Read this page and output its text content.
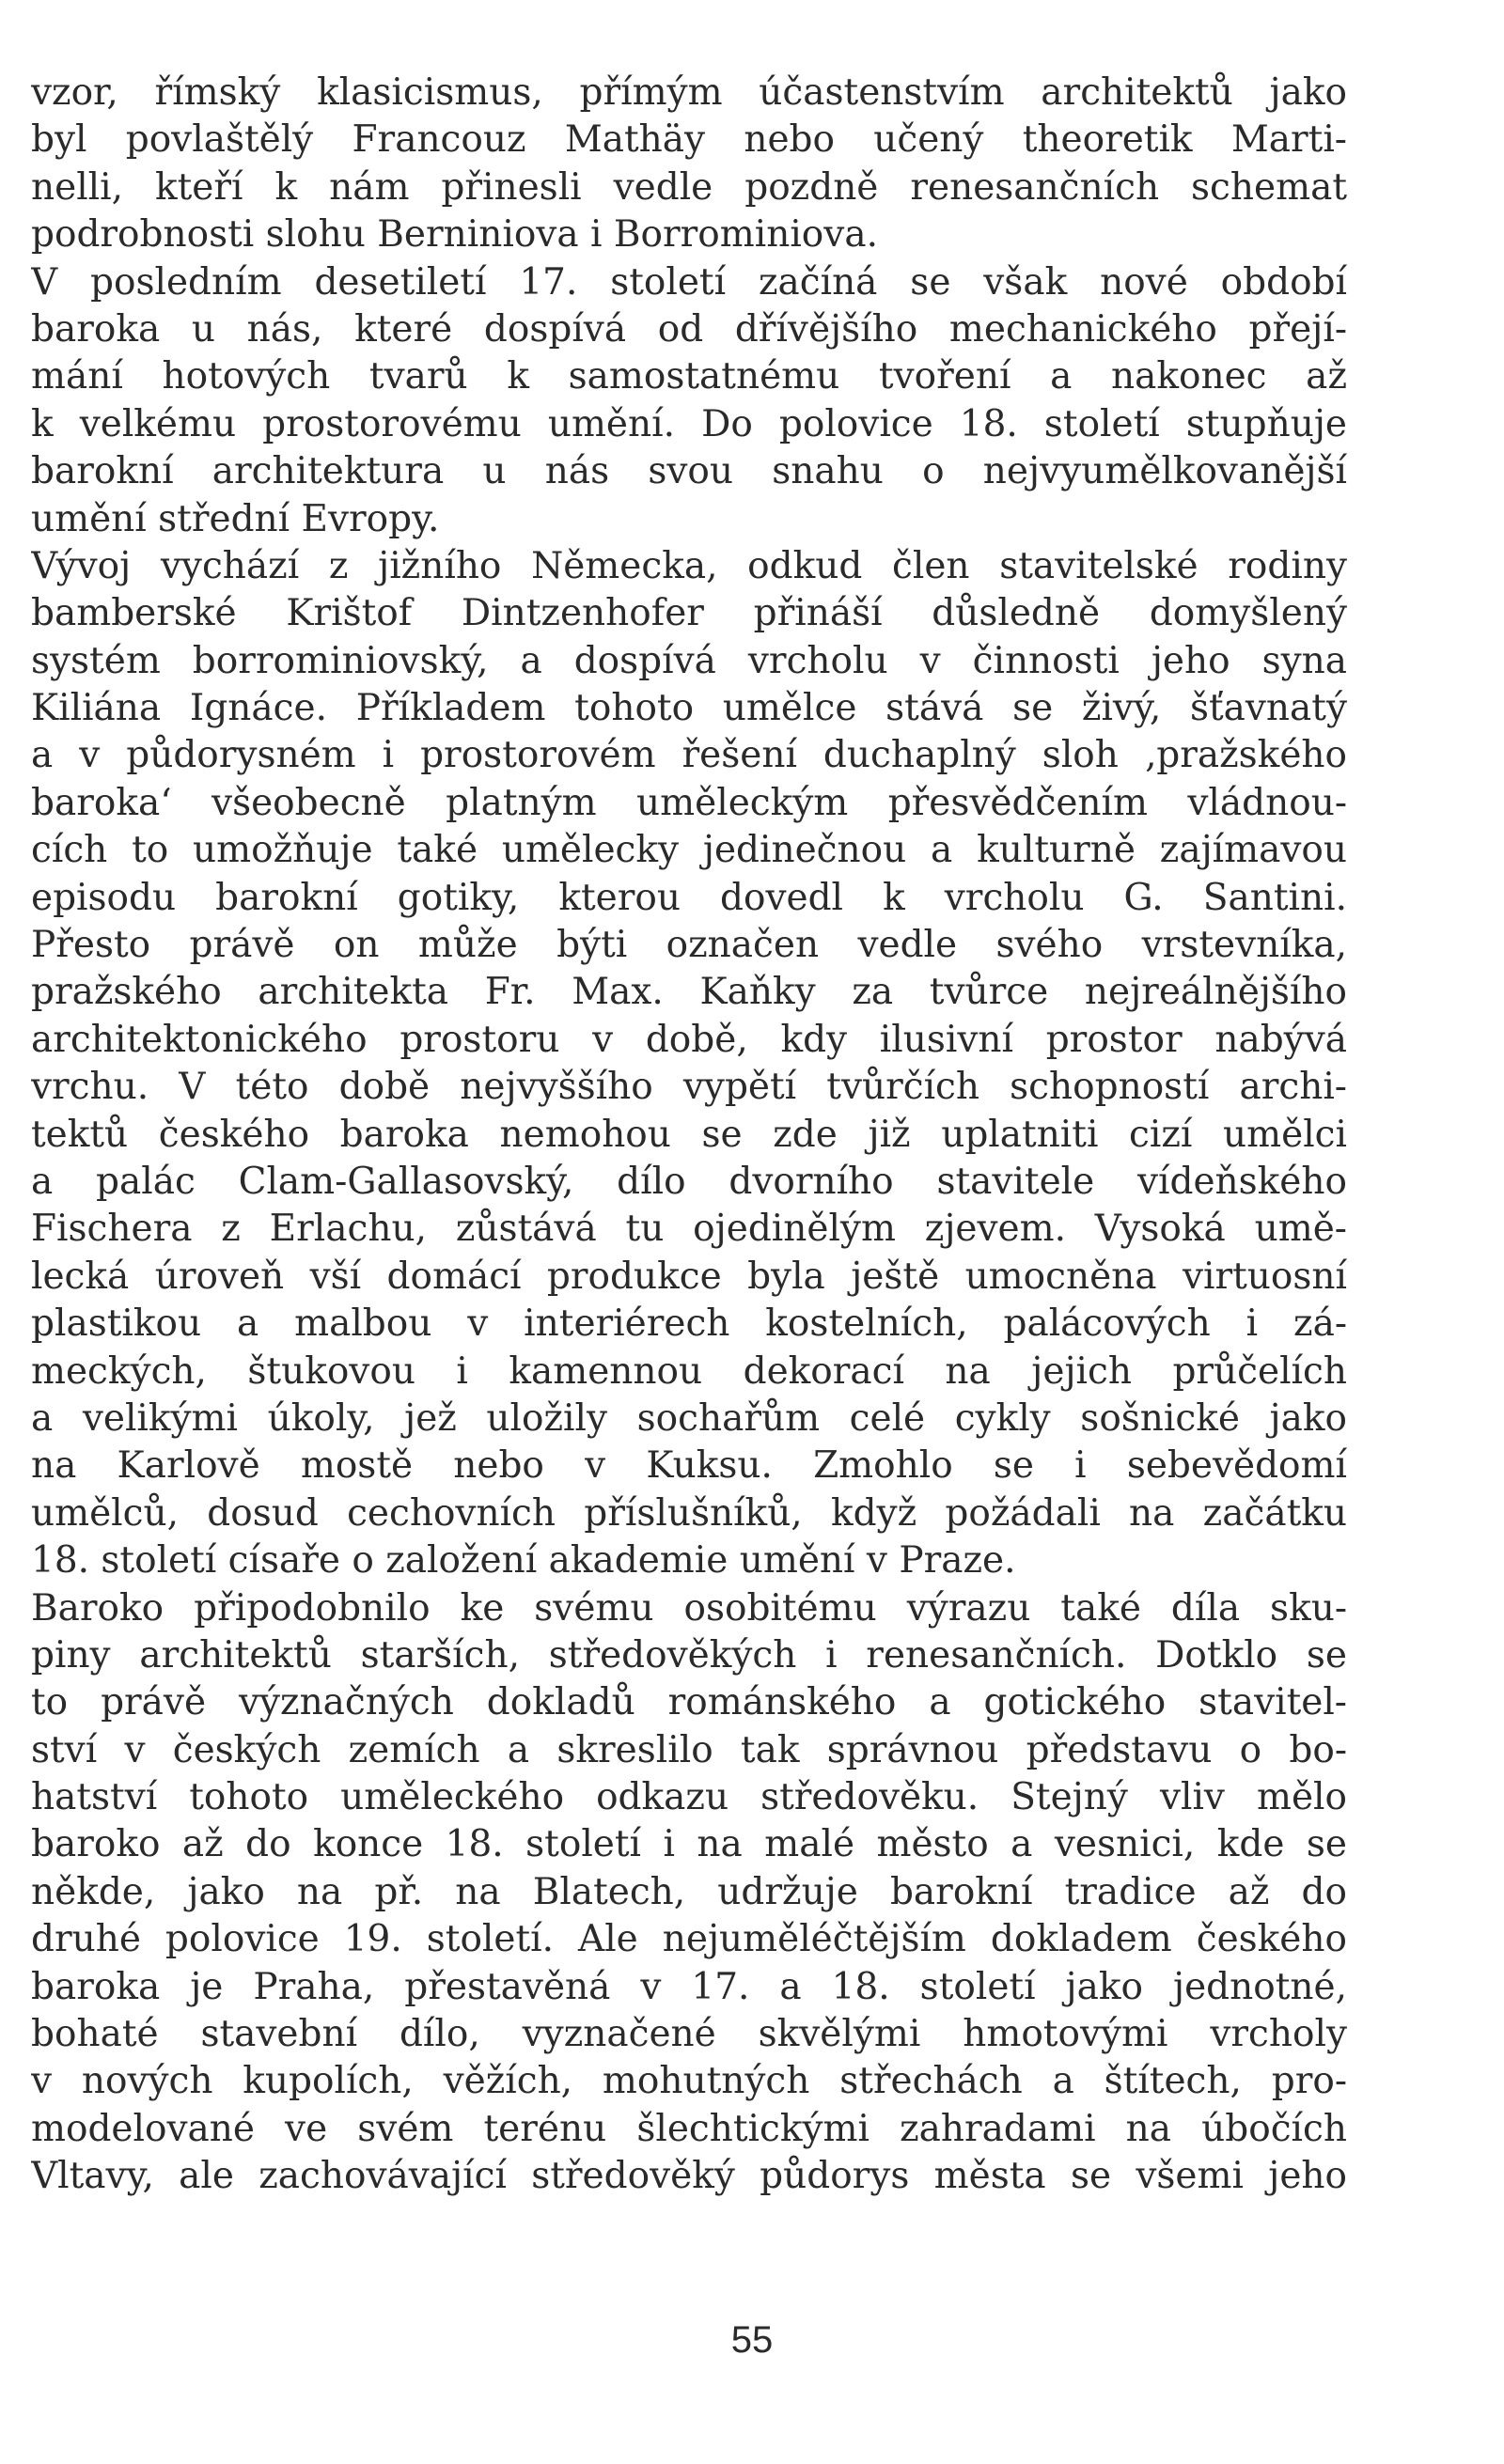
vzor, římský klasicismus, přímým účastenstvím architektů jako
byl povlaštělý Francouz Mathäy nebo učený theoretik Marti-
nelli, kteří k nám přinesli vedle pozdně renesančních schemat
podrobnosti slohu Berniniova i Borrominiova.
V posledním desetiletí 17. století začíná se však nové období
baroka u nás, které dospívá od dřívějšího mechanického přejí-
mání hotových tvarů k samostatnému tvoření a nakonec až
k velkému prostorovému umění. Do polovice 18. století stupňuje
barokní architektura u nás svou snahu o nejvyumělkovanější
umění střední Evropy.
Vývoj vychází z jižního Německa, odkud člen stavitelské rodiny
bamberské Krištof Dintzenhofer přináší důsledně domyšlený
systém borrominiovský, a dospívá vrcholu v činnosti jeho syna
Kiliána Ignáce. Příkladem tohoto umělce stává se živý, šťavnatý
a v půdorysném i prostorovém řešení duchaplný sloh ‚pražského
baroka‘ všeobecně platným uměleckým přesvědčením vládnou-
cích to umožňuje také umělecky jedinečnou a kulturně zajímavou
episodu barokní gotiky, kterou dovedl k vrcholu G. Santini.
Přesto právě on může býti označen vedle svého vrstevníka,
pražského architekta Fr. Max. Kaňky za tvůrce nejreálnějšího
architektonického prostoru v době, kdy ilusivní prostor nabývá
vrchu. V této době nejvyššího vypětí tvůrčích schopností archi-
tektů českého baroka nemohou se zde již uplatniti cizí umělci
a palác Clam-Gallasovský, dílo dvorního stavitele vídeňského
Fischera z Erlachu, zůstává tu ojedinělým zjevem. Vysoká umě-
lecká úroveň vší domácí produkce byla ještě umocněna virtuosní
plastikou a malbou v interiérech kostelních, palácových i zá-
meckých, štukovou i kamennou dekorací na jejich průčelích
a velikými úkoly, jež uložily sochařům celé cykly sošnické jako
na Karlově mostě nebo v Kuksu. Zmohlo se i sebevědomí
umělců, dosud cechovních příslušníků, když požádali na začátku
18. století císaře o založení akademie umění v Praze.
Baroko připodobnilo ke svému osobitému výrazu také díla sku-
piny architektů starších, středověkých i renesančních. Dotklo se
to právě význačných dokladů románského a gotického stavitel-
ství v českých zemích a skreslilo tak správnou představu o bo-
hatství tohoto uměleckého odkazu středověku. Stejný vliv mělo
baroko až do konce 18. století i na malé město a vesnici, kde se
někde, jako na př. na Blatech, udržuje barokní tradice až do
druhé polovice 19. století. Ale nejuměléčtějším dokladem českého
baroka je Praha, přestavěná v 17. a 18. století jako jednotné,
bohaté stavební dílo, vyznačené skvělými hmotovými vrcholy
v nových kupolích, věžích, mohutných střechách a štítech, pro-
modelované ve svém terénu šlechtickými zahradami na úbočích
Vltavy, ale zachovávající středověký půdorys města se všemi jeho
55
